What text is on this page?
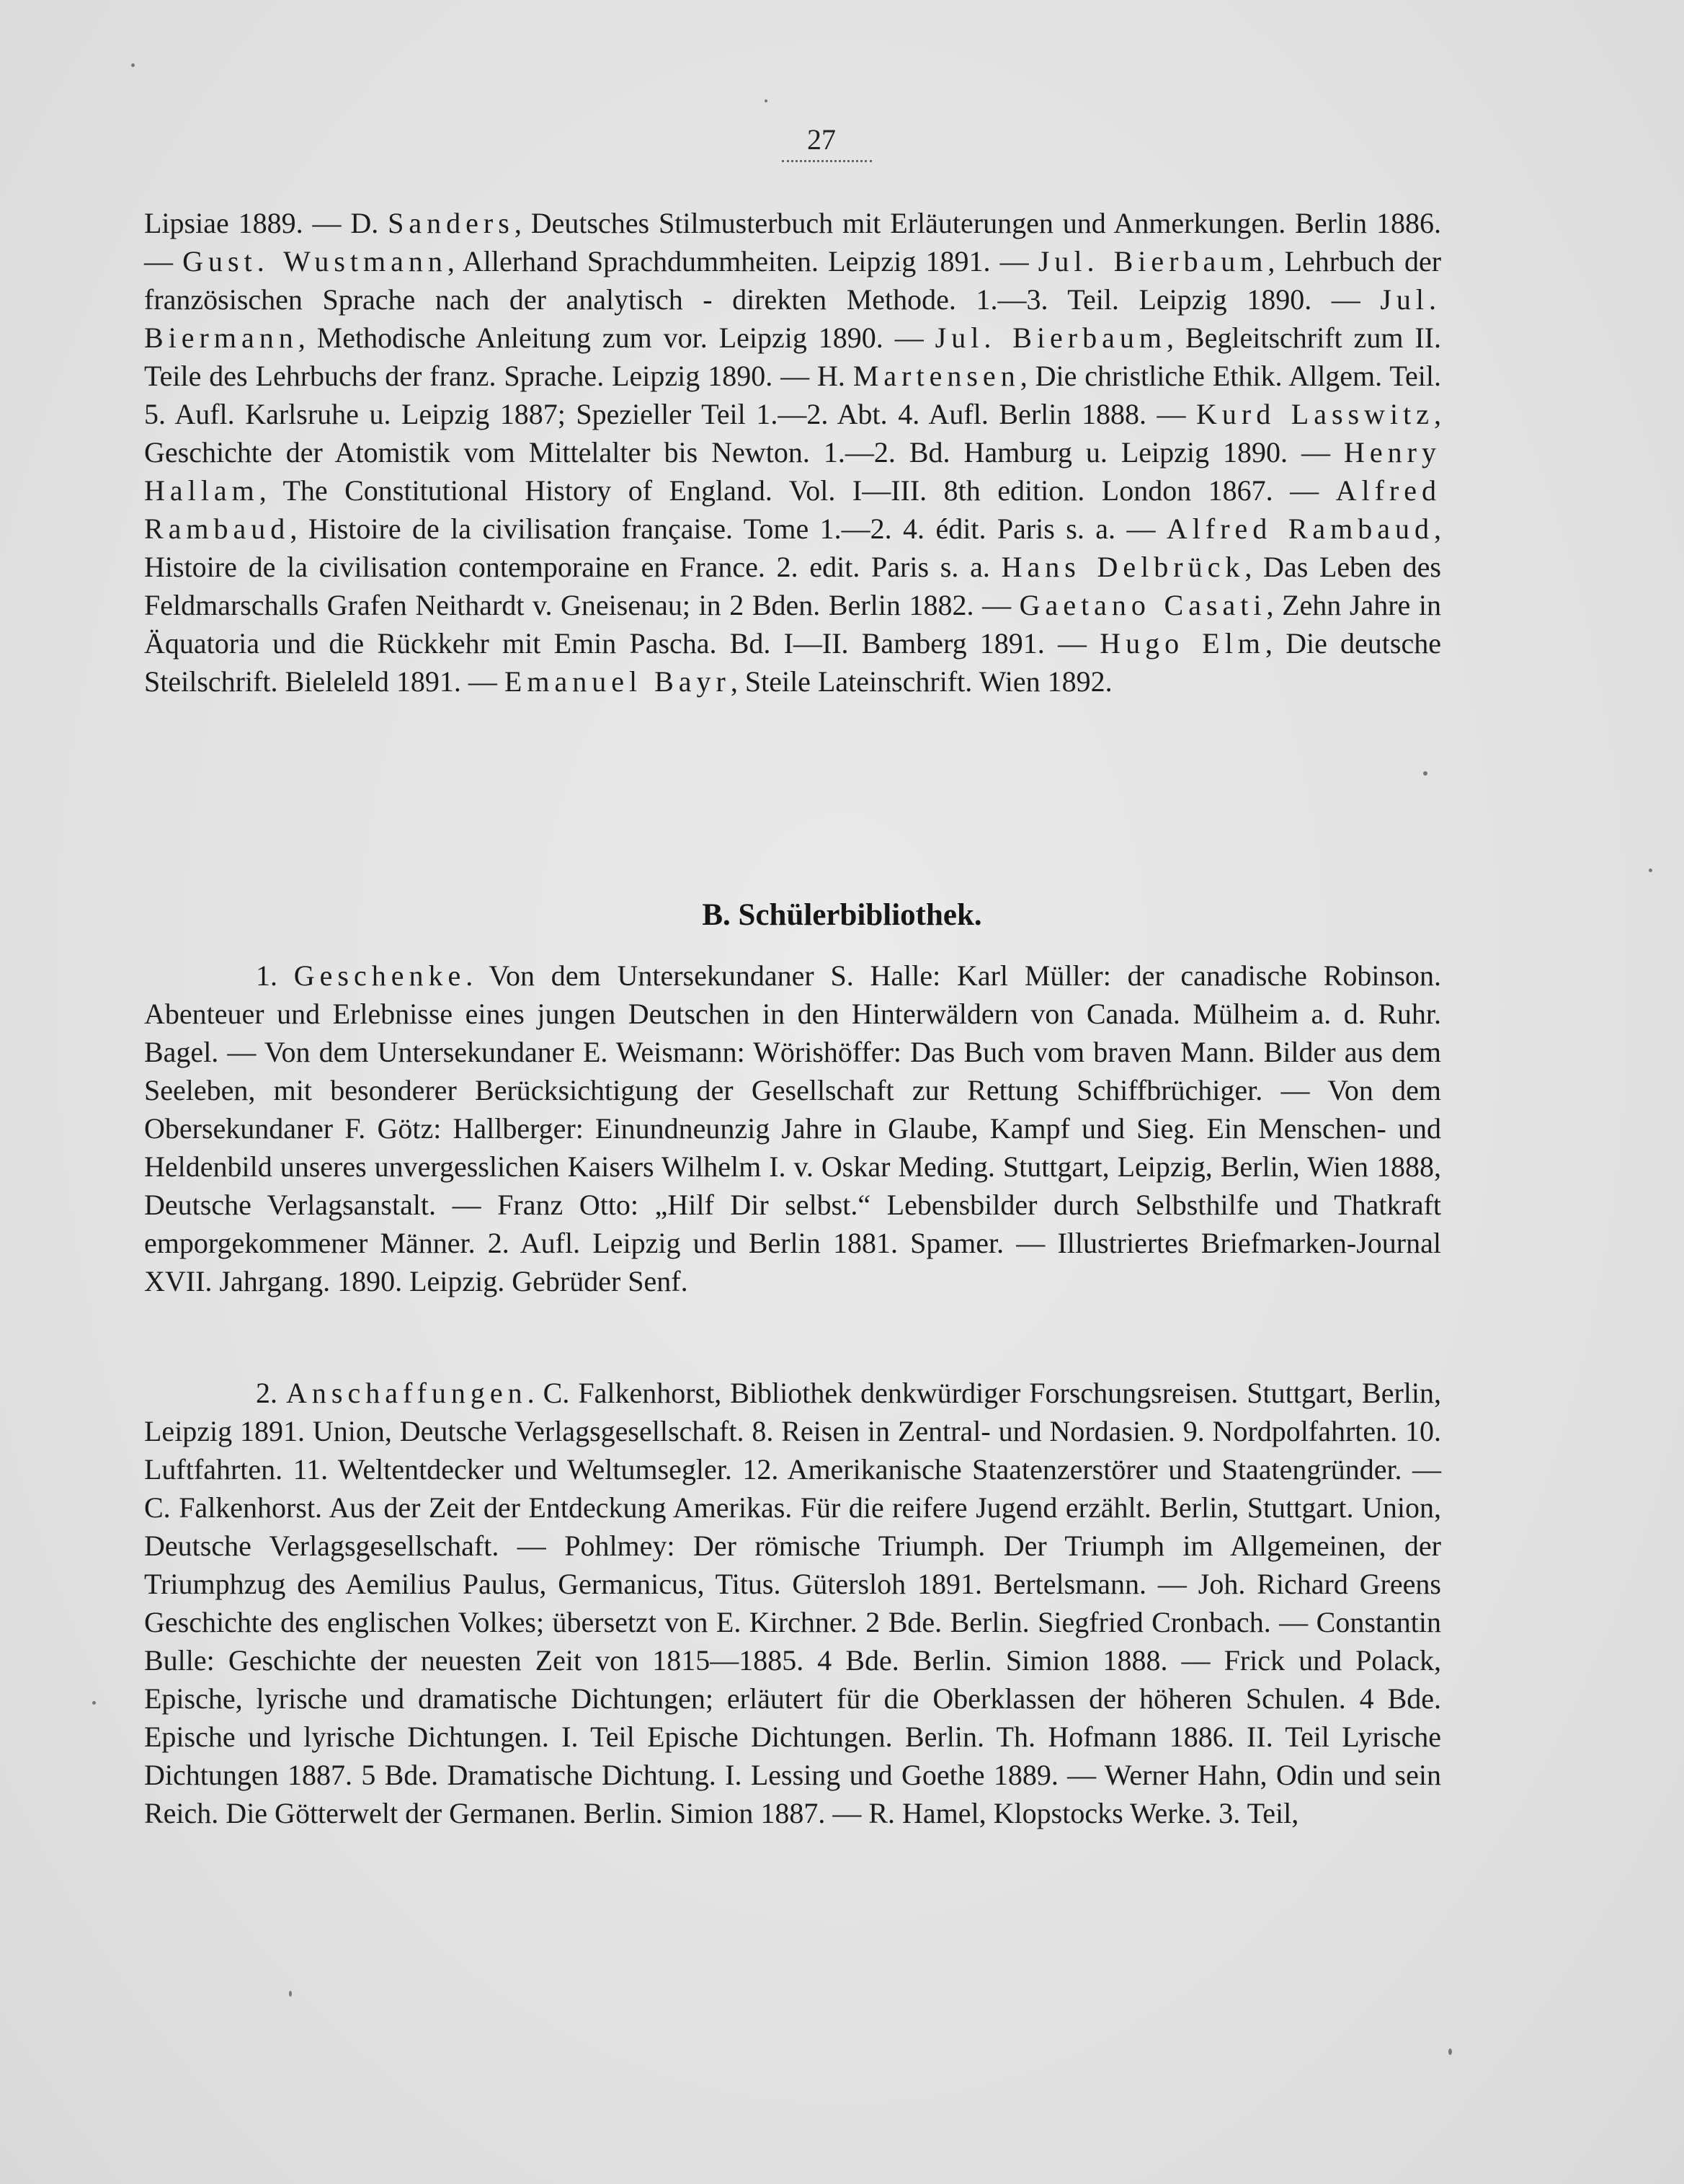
27

Lipsiae 1889. — D. Sanders, Deutsches Stilmusterbuch mit Erläuterungen und Anmerkungen. Berlin 1886. — Gust. Wustmann, Allerhand Sprachdummheiten. Leipzig 1891. — Jul. Bierbaum, Lehrbuch der französischen Sprache nach der analytisch - direkten Methode. 1.—3. Teil. Leipzig 1890. — Jul. Biermann, Methodische Anleitung zum vor. Leipzig 1890. — Jul. Bierbaum, Begleitschrift zum II. Teile des Lehrbuchs der franz. Sprache. Leipzig 1890. — H. Martensen, Die christliche Ethik. Allgem. Teil. 5. Aufl. Karlsruhe u. Leipzig 1887; Spezieller Teil 1.—2. Abt. 4. Aufl. Berlin 1888. — Kurd Lasswitz, Geschichte der Atomistik vom Mittelalter bis Newton. 1.—2. Bd. Hamburg u. Leipzig 1890. — Henry Hallam, The Constitutional History of England. Vol. I—III. 8th edition. London 1867. — Alfred Rambaud, Histoire de la civilisation française. Tome 1.—2. 4. édit. Paris s. a. — Alfred Rambaud, Histoire de la civilisation contemporaine en France. 2. edit. Paris s. a. Hans Delbrück, Das Leben des Feldmarschalls Grafen Neithardt v. Gneisenau; in 2 Bden. Berlin 1882. — Gaetano Casati, Zehn Jahre in Äquatoria und die Rückkehr mit Emin Pascha. Bd. I—II. Bamberg 1891. — Hugo Elm, Die deutsche Steilschrift. Bieleleld 1891. — Emanuel Bayr, Steile Lateinschrift. Wien 1892.

B. Schülerbibliothek.

1. Geschenke. Von dem Untersekundaner S. Halle: Karl Müller: der canadische Robinson. Abenteuer und Erlebnisse eines jungen Deutschen in den Hinterwäldern von Canada. Mülheim a. d. Ruhr. Bagel. — Von dem Untersekundaner E. Weismann: Wörishöffer: Das Buch vom braven Mann. Bilder aus dem Seeleben, mit besonderer Berücksichtigung der Gesellschaft zur Rettung Schiffbrüchiger. — Von dem Obersekundaner F. Götz: Hallberger: Einundneunzig Jahre in Glaube, Kampf und Sieg. Ein Menschen- und Heldenbild unseres unvergesslichen Kaisers Wilhelm I. v. Oskar Meding. Stuttgart, Leipzig, Berlin, Wien 1888, Deutsche Verlagsanstalt. — Franz Otto: „Hilf Dir selbst.“ Lebensbilder durch Selbsthilfe und Thatkraft emporgekommener Männer. 2. Aufl. Leipzig und Berlin 1881. Spamer. — Illustriertes Briefmarken-Journal XVII. Jahrgang. 1890. Leipzig. Gebrüder Senf.

2. Anschaffungen. C. Falkenhorst, Bibliothek denkwürdiger Forschungsreisen. Stuttgart, Berlin, Leipzig 1891. Union, Deutsche Verlagsgesellschaft. 8. Reisen in Zentral- und Nordasien. 9. Nordpolfahrten. 10. Luftfahrten. 11. Weltentdecker und Weltumsegler. 12. Amerikanische Staatenzerstörer und Staatengründer. — C. Falkenhorst. Aus der Zeit der Entdeckung Amerikas. Für die reifere Jugend erzählt. Berlin, Stuttgart. Union, Deutsche Verlagsgesellschaft. — Pohlmey: Der römische Triumph. Der Triumph im Allgemeinen, der Triumphzug des Aemilius Paulus, Germanicus, Titus. Gütersloh 1891. Bertelsmann. — Joh. Richard Greens Geschichte des englischen Volkes; übersetzt von E. Kirchner. 2 Bde. Berlin. Siegfried Cronbach. — Constantin Bulle: Geschichte der neuesten Zeit von 1815—1885. 4 Bde. Berlin. Simion 1888. — Frick und Polack, Epische, lyrische und dramatische Dichtungen; erläutert für die Oberklassen der höheren Schulen. 4 Bde. Epische und lyrische Dichtungen. I. Teil Epische Dichtungen. Berlin. Th. Hofmann 1886. II. Teil Lyrische Dichtungen 1887. 5 Bde. Dramatische Dichtung. I. Lessing und Goethe 1889. — Werner Hahn, Odin und sein Reich. Die Götterwelt der Germanen. Berlin. Simion 1887. — R. Hamel, Klopstocks Werke. 3. Teil,
